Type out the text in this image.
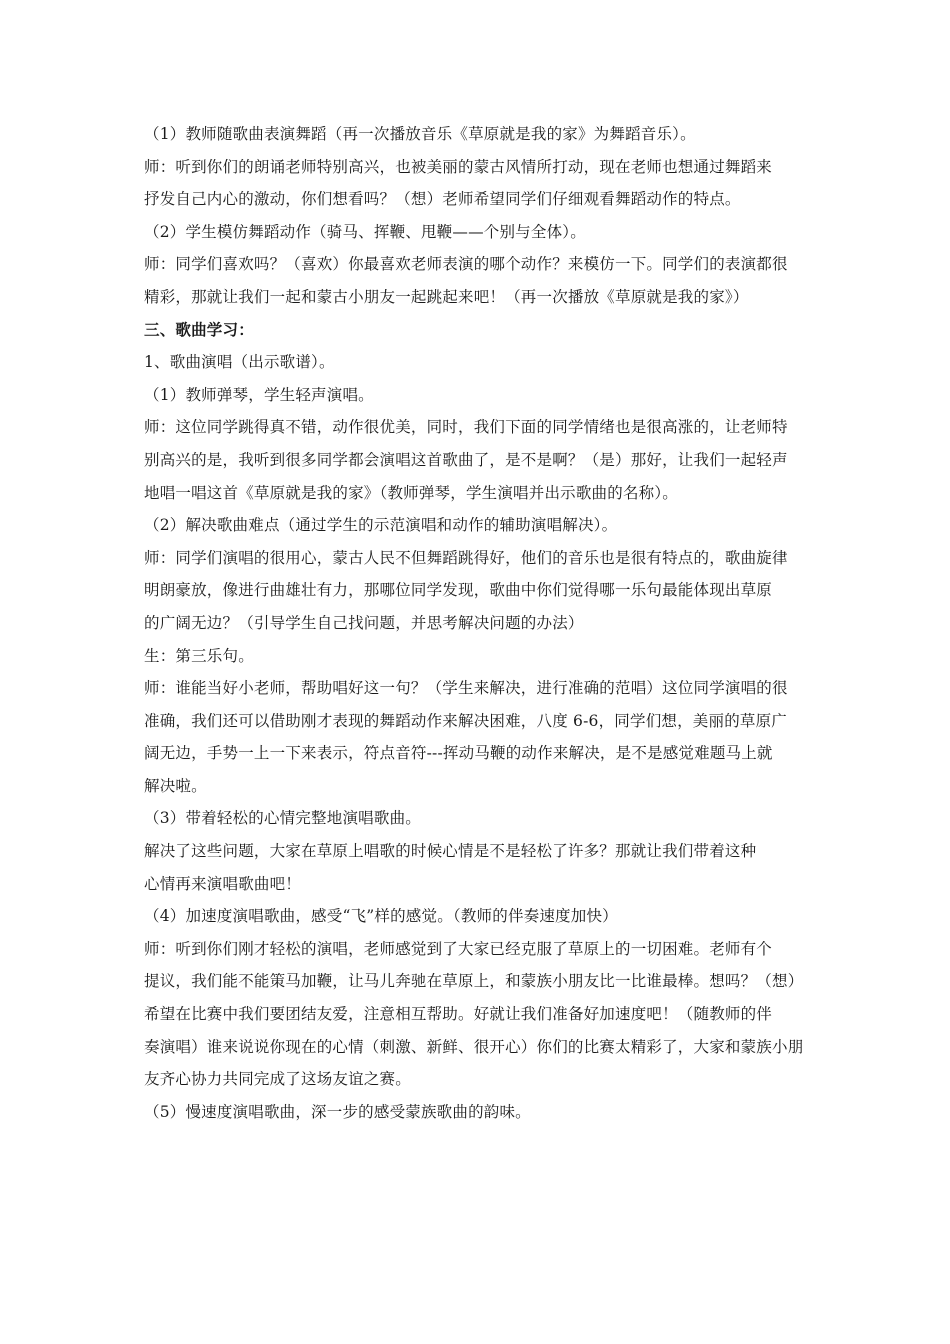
（1）教师随歌曲表演舞蹈（再一次播放音乐《草原就是我的家》为舞蹈音乐）。
师：听到你们的朗诵老师特别高兴，也被美丽的蒙古风情所打动，现在老师也想通过舞蹈来
抒发自己内心的激动，你们想看吗？（想）老师希望同学们仔细观看舞蹈动作的特点。
（2）学生模仿舞蹈动作（骑马、挥鞭、甩鞭——个别与全体）。
师：同学们喜欢吗？（喜欢）你最喜欢老师表演的哪个动作？来模仿一下。同学们的表演都很
精彩，那就让我们一起和蒙古小朋友一起跳起来吧！（再一次播放《草原就是我的家》）
三、歌曲学习：
1、歌曲演唱（出示歌谱）。
（1）教师弹琴，学生轻声演唱。
师：这位同学跳得真不错，动作很优美，同时，我们下面的同学情绪也是很高涨的，让老师特
别高兴的是，我听到很多同学都会演唱这首歌曲了，是不是啊？（是）那好，让我们一起轻声
地唱一唱这首《草原就是我的家》（教师弹琴，学生演唱并出示歌曲的名称）。
（2）解决歌曲难点（通过学生的示范演唱和动作的辅助演唱解决）。
师：同学们演唱的很用心，蒙古人民不但舞蹈跳得好，他们的音乐也是很有特点的，歌曲旋律
明朗豪放，像进行曲雄壮有力，那哪位同学发现，歌曲中你们觉得哪一乐句最能体现出草原
的广阔无边？（引导学生自己找问题，并思考解决问题的办法）
生：第三乐句。
师：谁能当好小老师，帮助唱好这一句？（学生来解决，进行准确的范唱）这位同学演唱的很
准确，我们还可以借助刚才表现的舞蹈动作来解决困难，八度 6-6，同学们想，美丽的草原广
阔无边，手势一上一下来表示，符点音符---挥动马鞭的动作来解决，是不是感觉难题马上就
解决啦。
（3）带着轻松的心情完整地演唱歌曲。
解决了这些问题，大家在草原上唱歌的时候心情是不是轻松了许多？那就让我们带着这种
心情再来演唱歌曲吧！
（4）加速度演唱歌曲，感受“飞”样的感觉。（教师的伴奏速度加快）
师：听到你们刚才轻松的演唱，老师感觉到了大家已经克服了草原上的一切困难。老师有个
提议，我们能不能策马加鞭，让马儿奔驰在草原上，和蒙族小朋友比一比谁最棒。想吗？（想）
希望在比赛中我们要团结友爱，注意相互帮助。好就让我们准备好加速度吧！（随教师的伴
奏演唱）谁来说说你现在的心情（刺激、新鲜、很开心）你们的比赛太精彩了，大家和蒙族小朋
友齐心协力共同完成了这场友谊之赛。
（5）慢速度演唱歌曲，深一步的感受蒙族歌曲的韵味。
